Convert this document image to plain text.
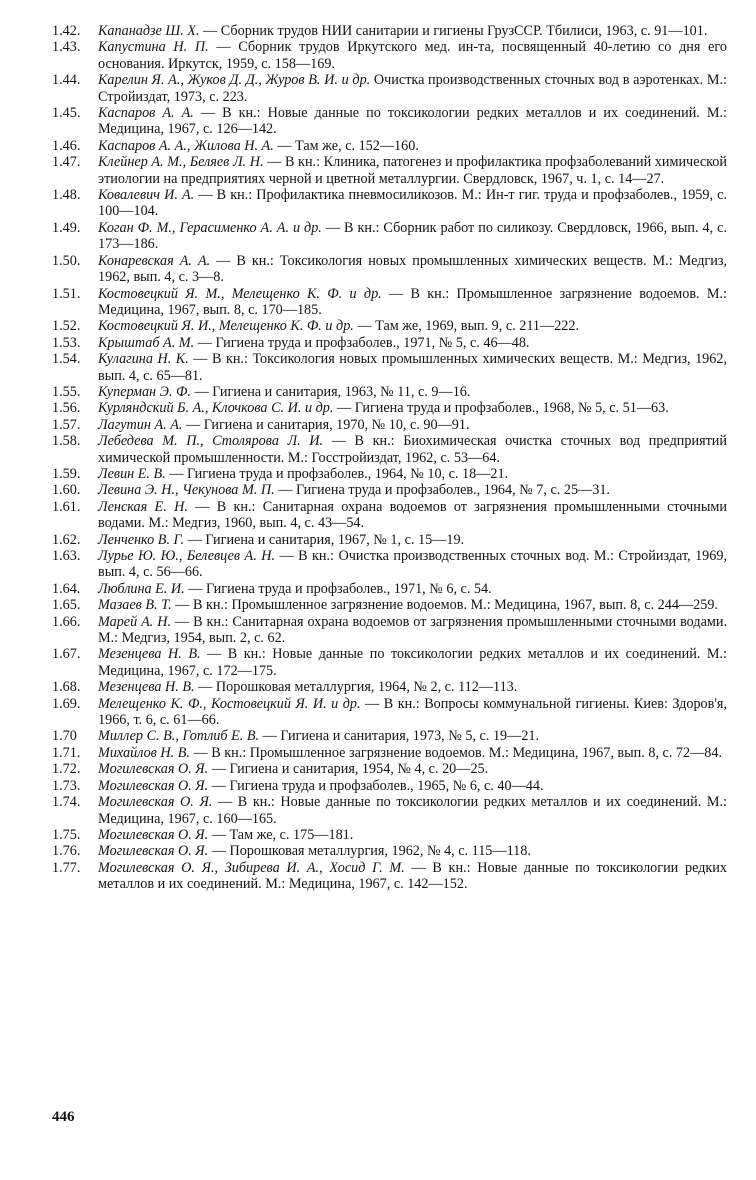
1.42.	Капанадзе Ш. Х. — Сборник трудов НИИ санитарии и гигиены ГрузССР. Тбилиси, 1963, с. 91—101.
1.43.	Капустина Н. П. — Сборник трудов Иркутского мед. ин-та, посвященный 40-летию со дня его основания. Иркутск, 1959, с. 158—169.
1.44.	Карелин Я. А., Жуков Д. Д., Журов В. И. и др. Очистка производственных сточных вод в аэротенках. М.: Стройиздат, 1973, с. 223.
1.45.	Каспаров А. А. — В кн.: Новые данные по токсикологии редких металлов и их соединений. М.: Медицина, 1967, с. 126—142.
1.46.	Каспаров А. А., Жилова Н. А. — Там же, с. 152—160.
1.47.	Клейнер А. М., Беляев Л. Н. — В кн.: Клиника, патогенез и профилактика профзаболеваний химической этиологии на предприятиях черной и цветной металлургии. Свердловск, 1967, ч. 1, с. 14—27.
1.48.	Ковалевич И. А. — В кн.: Профилактика пневмосиликозов. М.: Ин-т гиг. труда и профзаболев., 1959, с. 100—104.
1.49.	Коган Ф. М., Герасименко А. А. и др. — В кн.: Сборник работ по силикозу. Свердловск, 1966, вып. 4, с. 173—186.
1.50.	Конаревская А. А. — В кн.: Токсикология новых промышленных химических веществ. М.: Медгиз, 1962, вып. 4, с. 3—8.
1.51.	Костовецкий Я. М., Мелещенко К. Ф. и др. — В кн.: Промышленное загрязнение водоемов. М.: Медицина, 1967, вып. 8, с. 170—185.
1.52.	Костовецкий Я. И., Мелещенко К. Ф. и др. — Там же, 1969, вып. 9, с. 211—222.
1.53.	Крыштаб А. М. — Гигиена труда и профзаболев., 1971, № 5, с. 46—48.
1.54.	Кулагина Н. К. — В кн.: Токсикология новых промышленных химических веществ. М.: Медгиз, 1962, вып. 4, с. 65—81.
1.55.	Куперман Э. Ф. — Гигиена и санитария, 1963, № 11, с. 9—16.
1.56.	Курляндский Б. А., Клочкова С. И. и др. — Гигиена труда и профзаболев., 1968, № 5, с. 51—63.
1.57.	Лагутин А. А. — Гигиена и санитария, 1970, № 10, с. 90—91.
1.58.	Лебедева М. П., Столярова Л. И. — В кн.: Биохимическая очистка сточных вод предприятий химической промышленности. М.: Госстройиздат, 1962, с. 53—64.
1.59.	Левин Е. В. — Гигиена труда и профзаболев., 1964, № 10, с. 18—21.
1.60.	Левина Э. Н., Чекунова М. П. — Гигиена труда и профзаболев., 1964, № 7, с. 25—31.
1.61.	Ленская Е. Н. — В кн.: Санитарная охрана водоемов от загрязнения промышленными сточными водами. М.: Медгиз, 1960, вып. 4, с. 43—54.
1.62.	Ленченко В. Г. — Гигиена и санитария, 1967, № 1, с. 15—19.
1.63.	Лурье Ю. Ю., Белевцев А. Н. — В кн.: Очистка производственных сточных вод. М.: Стройиздат, 1969, вып. 4, с. 56—66.
1.64.	Люблина Е. И. — Гигиена труда и профзаболев., 1971, № 6, с. 54.
1.65.	Мазаев В. Т. — В кн.: Промышленное загрязнение водоемов. М.: Медицина, 1967, вып. 8, с. 244—259.
1.66.	Марей А. Н. — В кн.: Санитарная охрана водоемов от загрязнения промышленными сточными водами. М.: Медгиз, 1954, вып. 2, с. 62.
1.67.	Мезенцева Н. В. — В кн.: Новые данные по токсикологии редких металлов и их соединений. М.: Медицина, 1967, с. 172—175.
1.68.	Мезенцева Н. В. — Порошковая металлургия, 1964, № 2, с. 112—113.
1.69.	Мелещенко К. Ф., Костовецкий Я. И. и др. — В кн.: Вопросы коммунальной гигиены. Киев: Здоров'я, 1966, т. 6, с. 61—66.
1.70	Миллер С. В., Готлиб Е. В. — Гигиена и санитария, 1973, № 5, с. 19—21.
1.71.	Михайлов Н. В. — В кн.: Промышленное загрязнение водоемов. М.: Медицина, 1967, вып. 8, с. 72—84.
1.72.	Могилевская О. Я. — Гигиена и санитария, 1954, № 4, с. 20—25.
1.73.	Могилевская О. Я. — Гигиена труда и профзаболев., 1965, № 6, с. 40—44.
1.74.	Могилевская О. Я. — В кн.: Новые данные по токсикологии редких металлов и их соединений. М.: Медицина, 1967, с. 160—165.
1.75.	Могилевская О. Я. — Там же, с. 175—181.
1.76.	Могилевская О. Я. — Порошковая металлургия, 1962, № 4, с. 115—118.
1.77.	Могилевская О. Я., Зибирева И. А., Хосид Г. М. — В кн.: Новые данные по токсикологии редких металлов и их соединений. М.: Медицина, 1967, с. 142—152.
446
